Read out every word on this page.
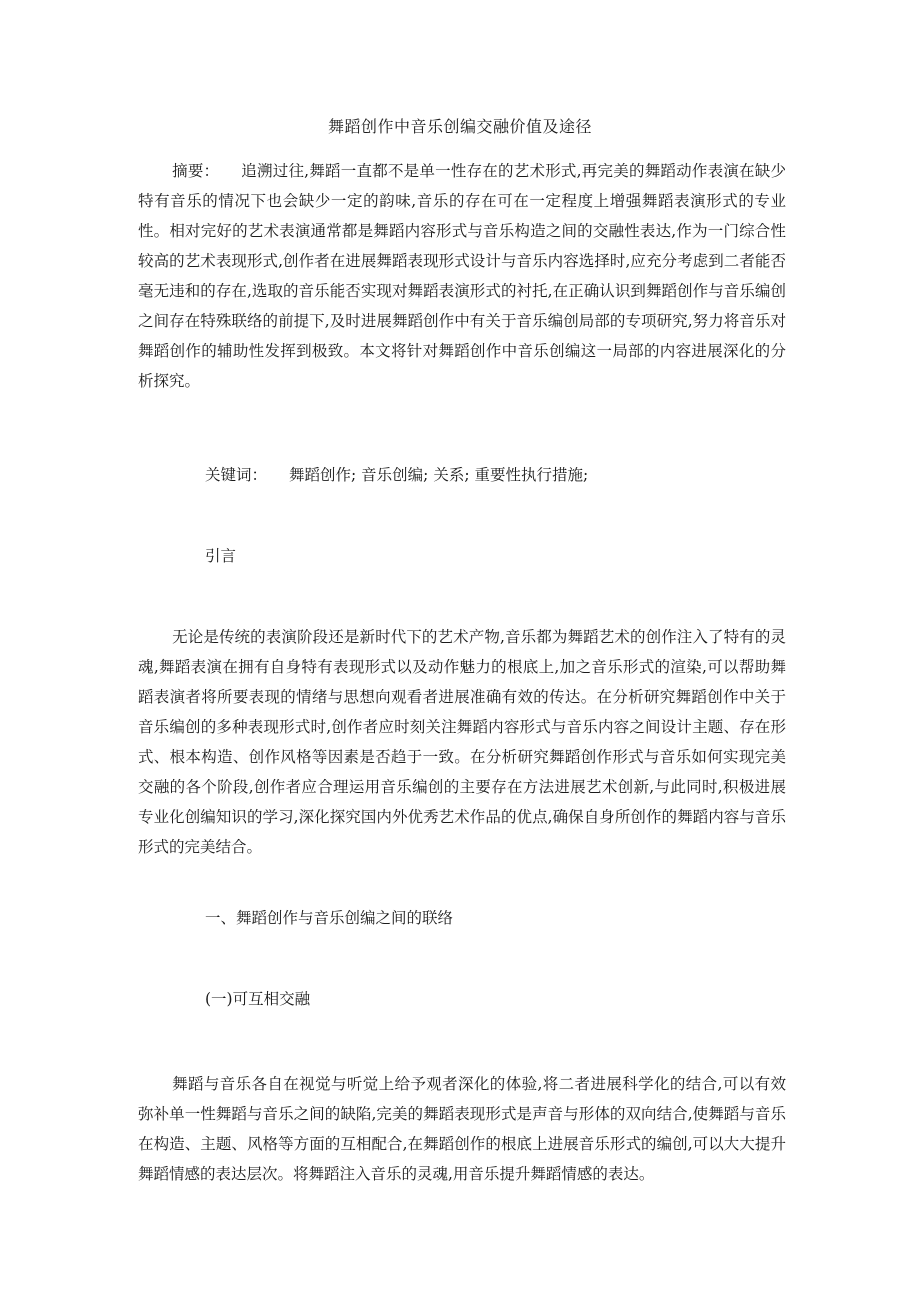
舞蹈创作中音乐创编交融价值及途径
摘要： 追溯过往,舞蹈一直都不是单一性存在的艺术形式,再完美的舞蹈动作表演在缺少特有音乐的情况下也会缺少一定的韵味,音乐的存在可在一定程度上增强舞蹈表演形式的专业性。相对完好的艺术表演通常都是舞蹈内容形式与音乐构造之间的交融性表达,作为一门综合性较高的艺术表现形式,创作者在进展舞蹈表现形式设计与音乐内容选择时,应充分考虑到二者能否毫无违和的存在,选取的音乐能否实现对舞蹈表演形式的衬托,在正确认识到舞蹈创作与音乐编创之间存在特殊联络的前提下,及时进展舞蹈创作中有关于音乐编创局部的专项研究,努力将音乐对舞蹈创作的辅助性发挥到极致。本文将针对舞蹈创作中音乐创编这一局部的内容进展深化的分析探究。
关键词： 舞蹈创作; 音乐创编; 关系; 重要性执行措施;
引言
无论是传统的表演阶段还是新时代下的艺术产物,音乐都为舞蹈艺术的创作注入了特有的灵魂,舞蹈表演在拥有自身特有表现形式以及动作魅力的根底上,加之音乐形式的渲染,可以帮助舞蹈表演者将所要表现的情绪与思想向观看者进展准确有效的传达。在分析研究舞蹈创作中关于音乐编创的多种表现形式时,创作者应时刻关注舞蹈内容形式与音乐内容之间设计主题、存在形式、根本构造、创作风格等因素是否趋于一致。在分析研究舞蹈创作形式与音乐如何实现完美交融的各个阶段,创作者应合理运用音乐编创的主要存在方法进展艺术创新,与此同时,积极进展专业化创编知识的学习,深化探究国内外优秀艺术作品的优点,确保自身所创作的舞蹈内容与音乐形式的完美结合。
一、舞蹈创作与音乐创编之间的联络
(一)可互相交融
舞蹈与音乐各自在视觉与听觉上给予观者深化的体验,将二者进展科学化的结合,可以有效弥补单一性舞蹈与音乐之间的缺陷,完美的舞蹈表现形式是声音与形体的双向结合,使舞蹈与音乐在构造、主题、风格等方面的互相配合,在舞蹈创作的根底上进展音乐形式的编创,可以大大提升舞蹈情感的表达层次。将舞蹈注入音乐的灵魂,用音乐提升舞蹈情感的表达。
